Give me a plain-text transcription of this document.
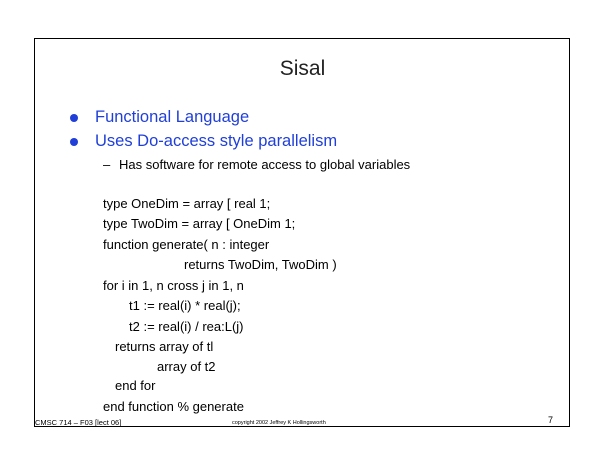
Sisal
Functional Language
Uses Do-access style parallelism
– Has software for remote access to global variables
type OneDim = array [ real 1;
type TwoDim = array [ OneDim 1;
function generate( n : integer
returns TwoDim, TwoDim )
for i in 1, n cross j in 1, n
t1 := real(i) * real(j);
t2 := real(i) / rea:L(j)
returns array of tl
array of t2
end for
end function % generate
CMSC 714 – F03 [lect 06]	copyright 2002 Jeffrey K Hollingsworth	7
